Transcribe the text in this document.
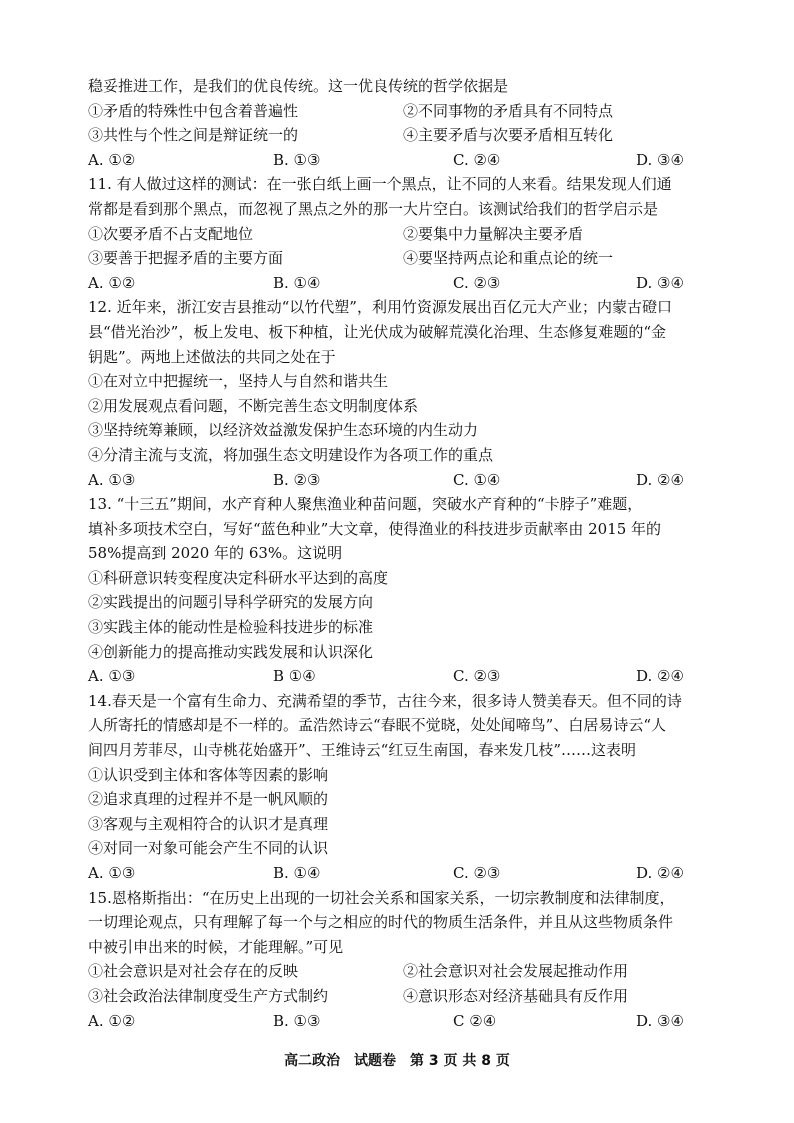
稳妥推进工作，是我们的优良传统。这一优良传统的哲学依据是
①矛盾的特殊性中包含着普遍性	②不同事物的矛盾具有不同特点
③共性与个性之间是辩证统一的	④主要矛盾与次要矛盾相互转化
A. ①②	B. ①③	C. ②④	D. ③④
11. 有人做过这样的测试：在一张白纸上画一个黑点，让不同的人来看。结果发现人们通
常都是看到那个黑点，而忽视了黑点之外的那一大片空白。该测试给我们的哲学启示是
①次要矛盾不占支配地位	②要集中力量解决主要矛盾
③要善于把握矛盾的主要方面	④要坚持两点论和重点论的统一
A. ①②	B. ①④	C. ②③	D. ③④
12. 近年来，浙江安吉县推动“以竹代塑”，利用竹资源发展出百亿元大产业；内蒙古磴口
县“借光治沙”，板上发电、板下种植，让光伏成为破解荒漠化治理、生态修复难题的“金
钥匙”。两地上述做法的共同之处在于
①在对立中把握统一，坚持人与自然和谐共生
②用发展观点看问题，不断完善生态文明制度体系
③坚持统筹兼顾，以经济效益激发保护生态环境的内生动力
④分清主流与支流，将加强生态文明建设作为各项工作的重点
A. ①③	B. ②③	C. ①④	D. ②④
13. “十三五”期间，水产育种人聚焦渔业种苗问题，突破水产育种的“卡脖子”难题，
填补多项技术空白，写好“蓝色种业”大文章，使得渔业的科技进步贡献率由 2015 年的
58%提高到 2020 年的 63%。这说明
①科研意识转变程度决定科研水平达到的高度
②实践提出的问题引导科学研究的发展方向
③实践主体的能动性是检验科技进步的标准
④创新能力的提高推动实践发展和认识深化
A. ①③	B ①④	C. ②③	D. ②④
14.春天是一个富有生命力、充满希望的季节，古往今来，很多诗人赞美春天。但不同的诗
人所寄托的情感却是不一样的。孟浩然诗云“春眠不觉晓，处处闻啼鸟”、白居易诗云“人
间四月芳菲尽，山寺桃花始盛开”、王维诗云“红豆生南国，春来发几枝”……这表明
①认识受到主体和客体等因素的影响
②追求真理的过程并不是一帆风顺的
③客观与主观相符合的认识才是真理
④对同一对象可能会产生不同的认识
A. ①③	B. ①④	C. ②③	D. ②④
15.恩格斯指出：“在历史上出现的一切社会关系和国家关系，一切宗教制度和法律制度，
一切理论观点，只有理解了每一个与之相应的时代的物质生活条件，并且从这些物质条件
中被引申出来的时候，才能理解。”可见
①社会意识是对社会存在的反映	②社会意识对社会发展起推动作用
③社会政治法律制度受生产方式制约	④意识形态对经济基础具有反作用
A. ①②	B. ①③	C ②④	D. ③④
高二政治　试题卷　第 3 页 共 8 页
